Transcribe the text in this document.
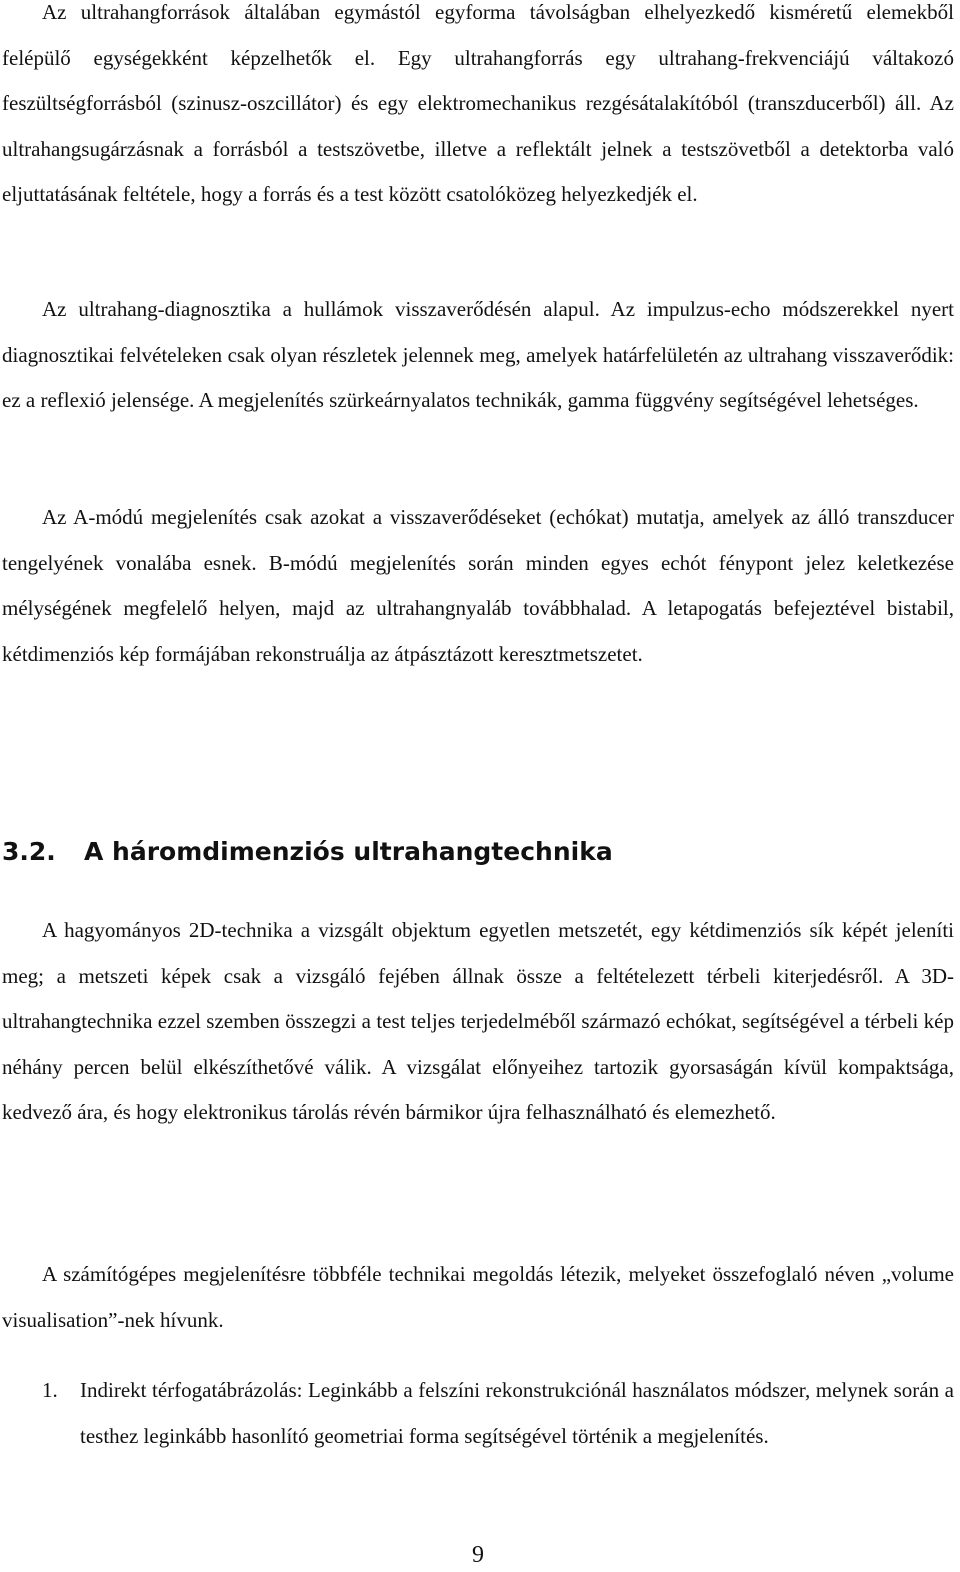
Az ultrahangforrások általában egymástól egyforma távolságban elhelyezkedő kisméretű elemekből felépülő egységekként képzelhetők el. Egy ultrahangforrás egy ultrahang-frekvenciájú váltakozó feszültségforrásból (szinusz-oszcillátor) és egy elektromechanikus rezgésátalakítóból (transzducerből) áll. Az ultrahangsugárzásnak a forrásból a testszövetbe, illetve a reflektált jelnek a testszövetből a detektorba való eljuttatásának feltétele, hogy a forrás és a test között csatolóközeg helyezkedjék el.

Az ultrahang-diagnosztika a hullámok visszaverődésén alapul. Az impulzus-echo módszerekkel nyert diagnosztikai felvételeken csak olyan részletek jelennek meg, amelyek határfelületén az ultrahang visszaverődik: ez a reflexió jelensége. A megjelenítés szürkeárnyalatos technikák, gamma függvény segítségével lehetséges.

Az A-módú megjelenítés csak azokat a visszaverődéseket (echókat) mutatja, amelyek az álló transzducer tengelyének vonalába esnek. B-módú megjelenítés során minden egyes echót fénypont jelez keletkezése mélységének megfelelő helyen, majd az ultrahangnyaláb továbbhalad. A letapogatás befejeztével bistabil, kétdimenziós kép formájában rekonstruálja az átpásztázott keresztmetszetet.

3.2. A háromdimenziós ultrahangtechnika

A hagyományos 2D-technika a vizsgált objektum egyetlen metszetét, egy kétdimenziós sík képét jeleníti meg; a metszeti képek csak a vizsgáló fejében állnak össze a feltételezett térbeli kiterjedésről. A 3D-ultrahangtechnika ezzel szemben összegzi a test teljes terjedelméből származó echókat, segítségével a térbeli kép néhány percen belül elkészíthetővé válik. A vizsgálat előnyeihez tartozik gyorsaságán kívül kompaktsága, kedvező ára, és hogy elektronikus tárolás révén bármikor újra felhasználható és elemezhető.

A számítógépes megjelenítésre többféle technikai megoldás létezik, melyeket összefoglaló néven „volume visualisation”-nek hívunk.

1. Indirekt térfogatábrázolás: Leginkább a felszíni rekonstrukciónál használatos módszer, melynek során a testhez leginkább hasonlító geometriai forma segítségével történik a megjelenítés.
9
